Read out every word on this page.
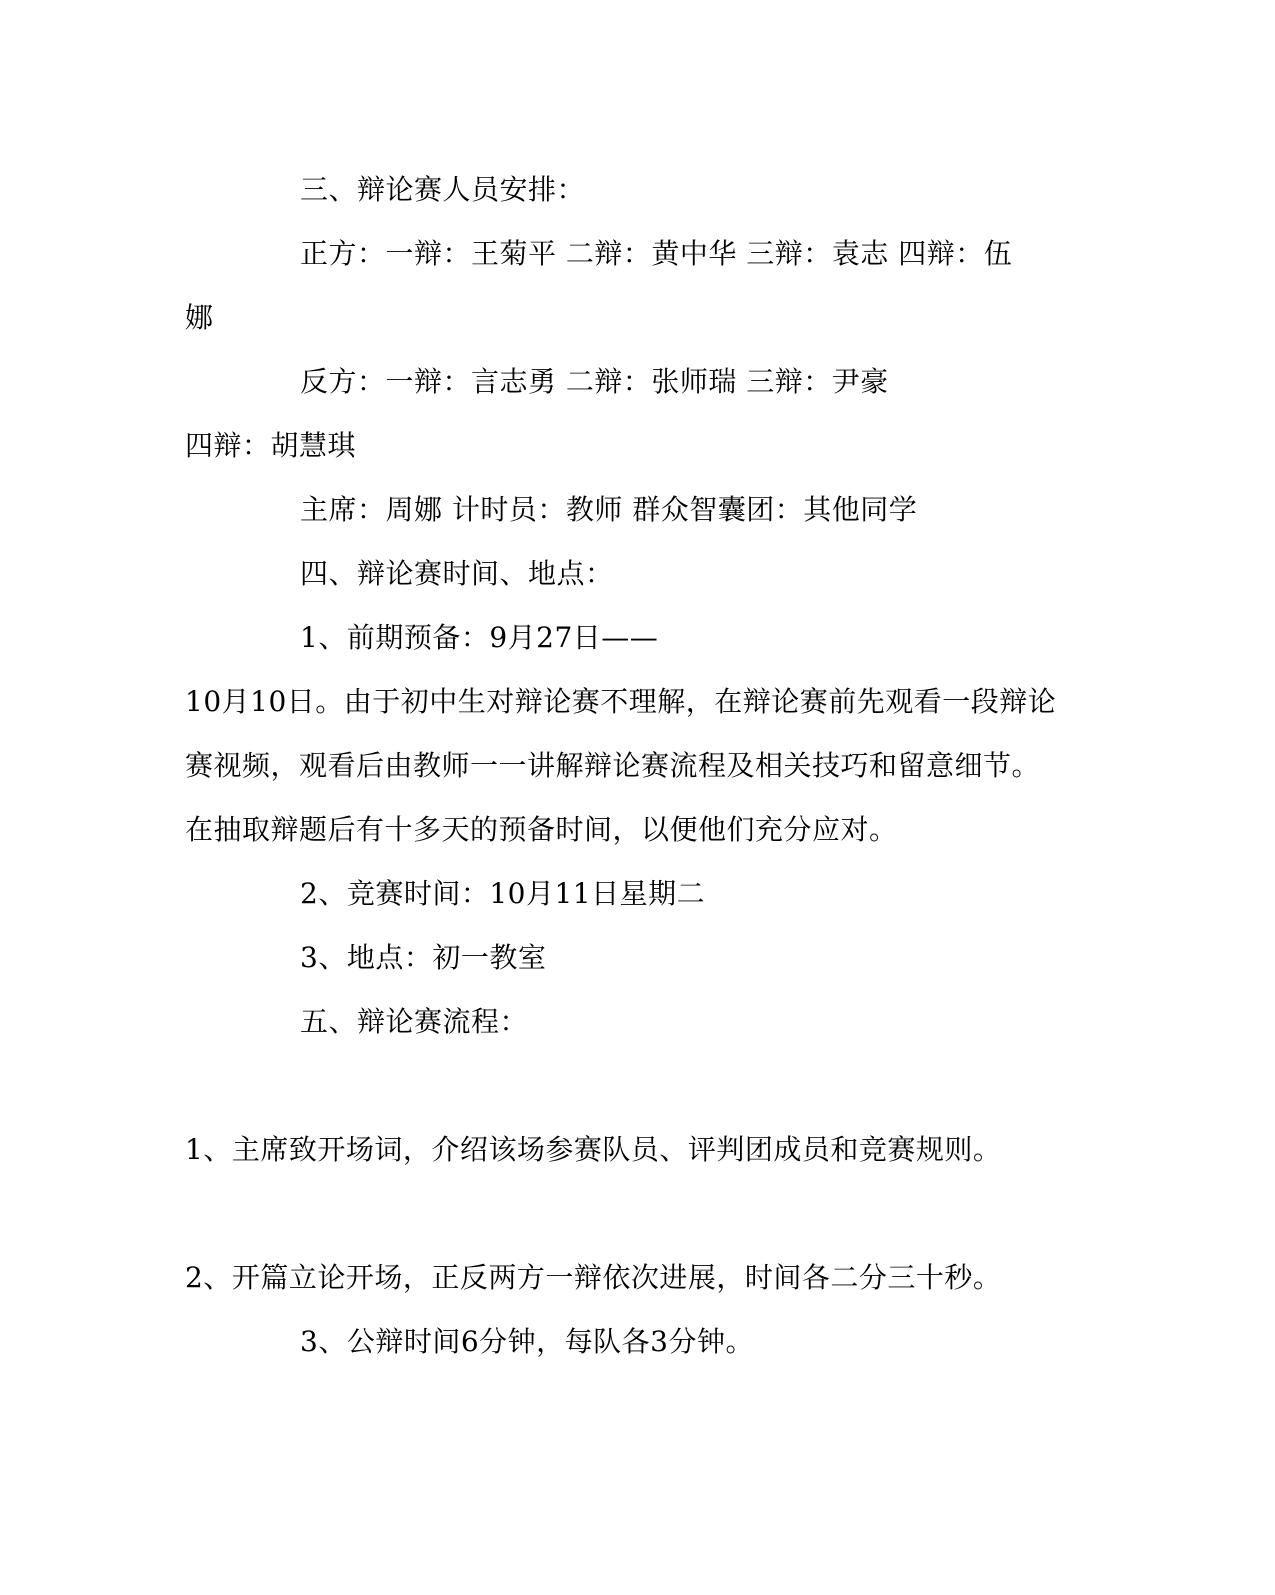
三、辩论赛人员安排：
正方：一辩：王菊平 二辩：黄中华 三辩：袁志 四辩：伍
娜
反方：一辩：言志勇 二辩：张师瑞 三辩：尹豪
四辩：胡慧琪
主席：周娜 计时员：教师 群众智囊团：其他同学
四、辩论赛时间、地点：
1、前期预备：9月27日——
10月10日。由于初中生对辩论赛不理解，在辩论赛前先观看一段辩论
赛视频，观看后由教师一一讲解辩论赛流程及相关技巧和留意细节。
在抽取辩题后有十多天的预备时间，以便他们充分应对。
2、竞赛时间：10月11日星期二
3、地点：初一教室
五、辩论赛流程：
1、主席致开场词，介绍该场参赛队员、评判团成员和竞赛规则。
2、开篇立论开场，正反两方一辩依次进展，时间各二分三十秒。
3、公辩时间6分钟，每队各3分钟。
